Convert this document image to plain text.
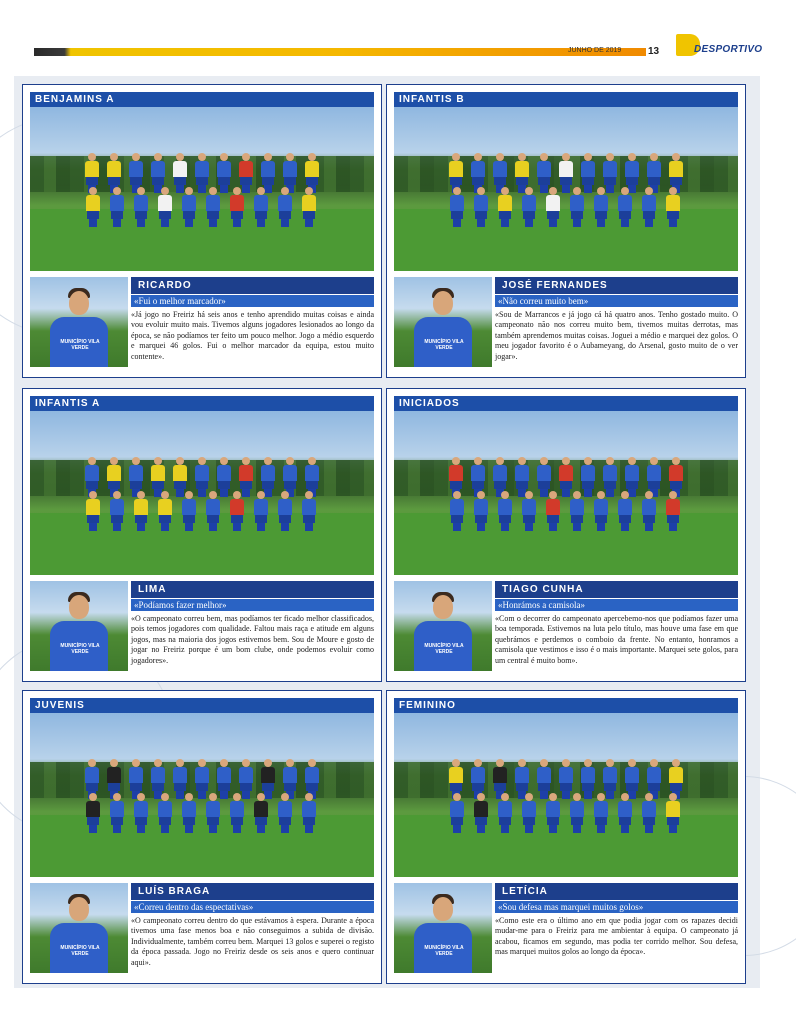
JUNHO DE 2019	13	DESPORTIVO
BENJAMINS A
MUNICÍPIO VILA VERDE
RICARDO
«Fui o melhor marcador»
«Já jogo no Freiriz há seis anos e tenho aprendido muitas coisas e ainda vou evoluir muito mais. Tivemos alguns jogadores lesionados ao longo da época, se não podíamos ter feito um pouco melhor. Jogo a médio esquerdo e marquei 46 golos. Fui o melhor marcador da equipa, estou muito contente».
INFANTIS B
MUNICÍPIO VILA VERDE
JOSÉ FERNANDES
«Não correu muito bem»
«Sou de Marrancos e já jogo cá há quatro anos. Tenho gostado muito. O campeonato não nos correu muito bem, tivemos muitas derrotas, mas também aprendemos muitas coisas. Joguei a médio e marquei dez golos. O meu jogador favorito é o Aubameyang, do Arsenal, gosto muito de o ver jogar».
INFANTIS A
MUNICÍPIO VILA VERDE
LIMA
«Podíamos fazer melhor»
«O campeonato correu bem, mas podíamos ter ficado melhor classificados, pois temos jogadores com qualidade. Faltou mais raça e atitude em alguns jogos, mas na maioria dos jogos estivemos bem. Sou de Moure e gosto de jogar no Freiriz porque é um bom clube, onde podemos evoluir como jogadores».
INICIADOS
MUNICÍPIO VILA VERDE
TIAGO CUNHA
«Honrámos a camisola»
«Com o decorrer do campeonato apercebemo-nos que podíamos fazer uma boa temporada. Estivemos na luta pelo título, mas houve uma fase em que quebrámos e perdemos o comboio da frente. No entanto, honramos a camisola que vestimos e isso é o mais importante. Marquei sete golos, para um central é muito bom».
JUVENIS
MUNICÍPIO VILA VERDE
LUÍS BRAGA
«Correu dentro das espectativas»
«O campeonato correu dentro do que estávamos à espera. Durante a época tivemos uma fase menos boa e não conseguimos a subida de divisão. Individualmente, também correu bem. Marquei 13 golos e superei o registo da época passada. Jogo no Freiriz desde os seis anos e quero continuar aqui».
FEMININO
MUNICÍPIO VILA VERDE
LETÍCIA
«Sou defesa mas marquei muitos golos»
«Como este era o último ano em que podia jogar com os rapazes decidi mudar-me para o Freiriz para me ambientar à equipa. O campeonato já acabou, ficamos em segundo, mas podia ter corrido melhor. Sou defesa, mas marquei muitos golos ao longo da época».
